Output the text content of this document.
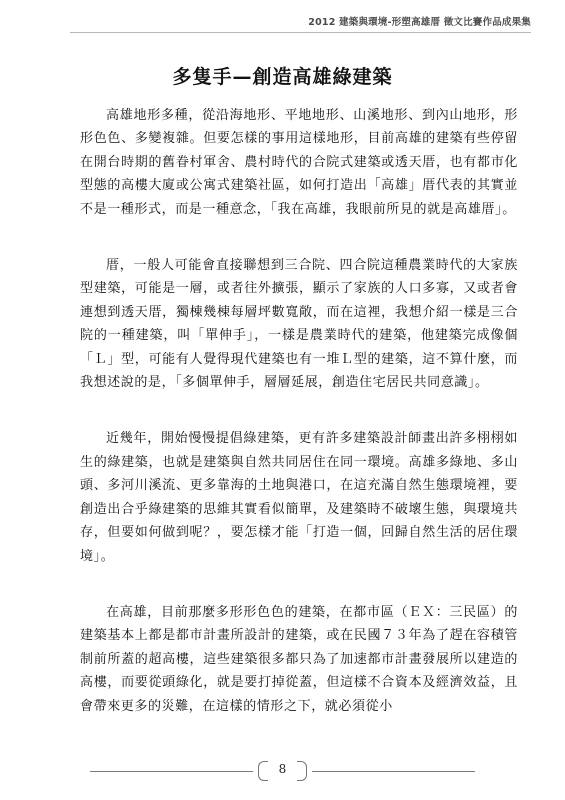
2012 建築與環境-形塑高雄厝 徵文比賽作品成果集
多隻手—創造高雄綠建築

高雄地形多種，從沿海地形、平地地形、山溪地形、到內山地形，形形色色、多變複雜。但要怎樣的事用這樣地形，目前高雄的建築有些停留在開台時期的舊眷村軍舍、農村時代的合院式建築或透天厝，也有都市化型態的高樓大廈或公寓式建築社區，如何打造出「高雄」厝代表的其實並不是一種形式，而是一種意念，「我在高雄，我眼前所見的就是高雄厝」。

厝，一般人可能會直接聯想到三合院、四合院這種農業時代的大家族型建築，可能是一層，或者往外擴張，顯示了家族的人口多寡，又或者會連想到透天厝，獨棟幾棟每層坪數寬敞，而在這裡，我想介紹一樣是三合院的一種建築，叫「單伸手」，一樣是農業時代的建築，他建築完成像個「Ｌ」型，可能有人覺得現代建築也有一堆Ｌ型的建築，這不算什麼，而我想述說的是，「多個單伸手，層層延展，創造住宅居民共同意識」。

近幾年，開始慢慢提倡綠建築，更有許多建築設計師畫出許多栩栩如生的綠建築，也就是建築與自然共同居住在同一環境。高雄多綠地、多山頭、多河川溪流、更多靠海的土地與港口，在這充滿自然生態環境裡，要創造出合乎綠建築的思維其實看似簡單，及建築時不破壞生態，與環境共存，但要如何做到呢？，要怎樣才能「打造一個，回歸自然生活的居住環境」。

在高雄，目前那麼多形形色色的建築，在都市區（ＥＸ：三民區）的建築基本上都是都市計畫所設計的建築，或在民國７３年為了趕在容積管制前所蓋的超高樓，這些建築很多都只為了加速都市計畫發展所以建造的高樓，而要從頭綠化，就是要打掉從蓋，但這樣不合資本及經濟效益，且會帶來更多的災難，在這樣的情形之下，就必須從小

8
